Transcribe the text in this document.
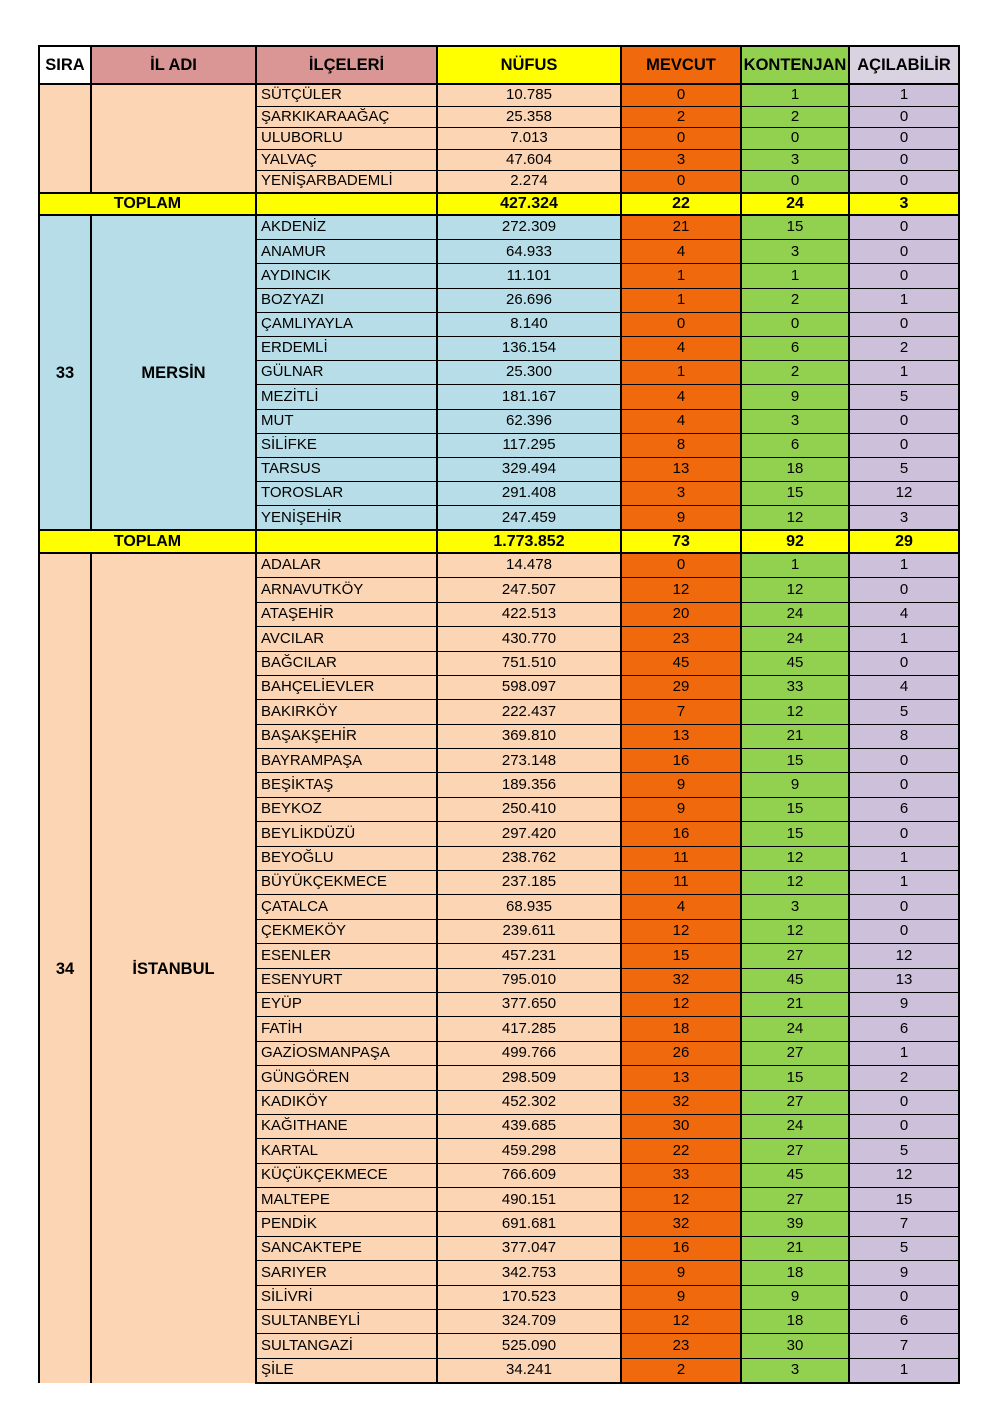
SIRA	İL ADI	İLÇELERİ	NÜFUS	MEVCUT	KONTENJAN	AÇILABİLİR
		SÜTÇÜLER	10.785	0	1	1
		ŞARKIKARAAĞAÇ	25.358	2	2	0
		ULUBORLU	7.013	0	0	0
		YALVAÇ	47.604	3	3	0
		YENİŞARBADEMLİ	2.274	0	0	0
TOPLAM			427.324	22	24	3
33	MERSİN	AKDENİZ	272.309	21	15	0
		ANAMUR	64.933	4	3	0
		AYDINCIK	11.101	1	1	0
		BOZYAZI	26.696	1	2	1
		ÇAMLIYAYLA	8.140	0	0	0
		ERDEMLİ	136.154	4	6	2
		GÜLNAR	25.300	1	2	1
		MEZİTLİ	181.167	4	9	5
		MUT	62.396	4	3	0
		SİLİFKE	117.295	8	6	0
		TARSUS	329.494	13	18	5
		TOROSLAR	291.408	3	15	12
		YENİŞEHİR	247.459	9	12	3
TOPLAM			1.773.852	73	92	29
34	İSTANBUL	ADALAR	14.478	0	1	1
		ARNAVUTKÖY	247.507	12	12	0
		ATAŞEHİR	422.513	20	24	4
		AVCILAR	430.770	23	24	1
		BAĞCILAR	751.510	45	45	0
		BAHÇELİEVLER	598.097	29	33	4
		BAKIRKÖY	222.437	7	12	5
		BAŞAKŞEHİR	369.810	13	21	8
		BAYRAMPAŞA	273.148	16	15	0
		BEŞİKTAŞ	189.356	9	9	0
		BEYKOZ	250.410	9	15	6
		BEYLİKDÜZÜ	297.420	16	15	0
		BEYOĞLU	238.762	11	12	1
		BÜYÜKÇEKMECE	237.185	11	12	1
		ÇATALCA	68.935	4	3	0
		ÇEKMEKÖY	239.611	12	12	0
		ESENLER	457.231	15	27	12
		ESENYURT	795.010	32	45	13
		EYÜP	377.650	12	21	9
		FATİH	417.285	18	24	6
		GAZİOSMANPAŞA	499.766	26	27	1
		GÜNGÖREN	298.509	13	15	2
		KADIKÖY	452.302	32	27	0
		KAĞITHANE	439.685	30	24	0
		KARTAL	459.298	22	27	5
		KÜÇÜKÇEKMECE	766.609	33	45	12
		MALTEPE	490.151	12	27	15
		PENDİK	691.681	32	39	7
		SANCAKTEPE	377.047	16	21	5
		SARIYER	342.753	9	18	9
		SİLİVRİ	170.523	9	9	0
		SULTANBEYLİ	324.709	12	18	6
		SULTANGAZİ	525.090	23	30	7
		ŞİLE	34.241	2	3	1
